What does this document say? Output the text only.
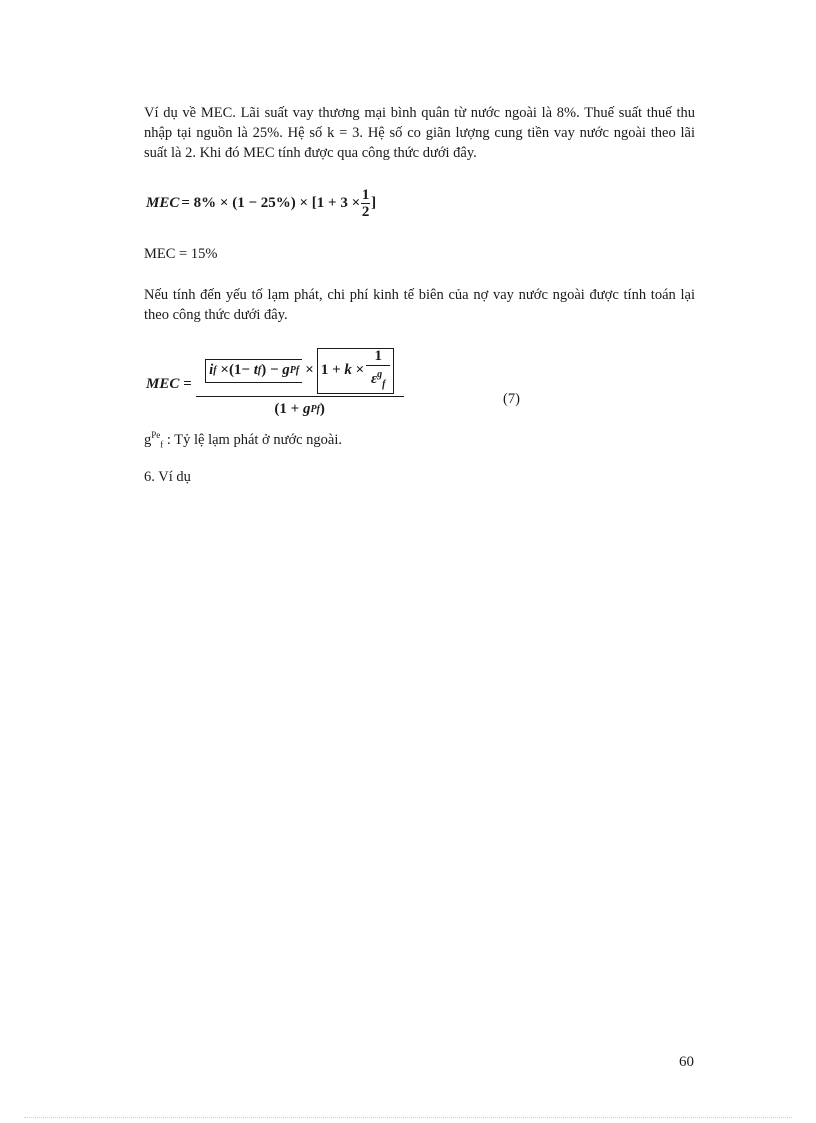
Ví dụ về MEC. Lãi suất vay thương mại bình quân từ nước ngoài là 8%. Thuế suất thuế thu nhập tại nguồn là 25%. Hệ số k = 3. Hệ số co giãn lượng cung tiền vay nước ngoài theo lãi suất là 2. Khi đó MEC tính được qua công thức dưới đây.

MEC = $8\% \times (1 - 25\%) \times [1 + 3 \times \frac{1}{2}$ ]

MEC = 15%

Nếu tính đến yếu tố lạm phát, chi phí kinh tế biên của nợ vay nước ngoài được tính toán lại theo công thức dưới đây.

MEC =
i f ×(1− t f ) − g P f × 1 + k ×
1
$\varepsilon^g_f$
(1 + g P f )
(7)

$g^{Pe}_f$ : Tỷ lệ lạm phát ở nước ngoài.

6. Ví dụ

60
